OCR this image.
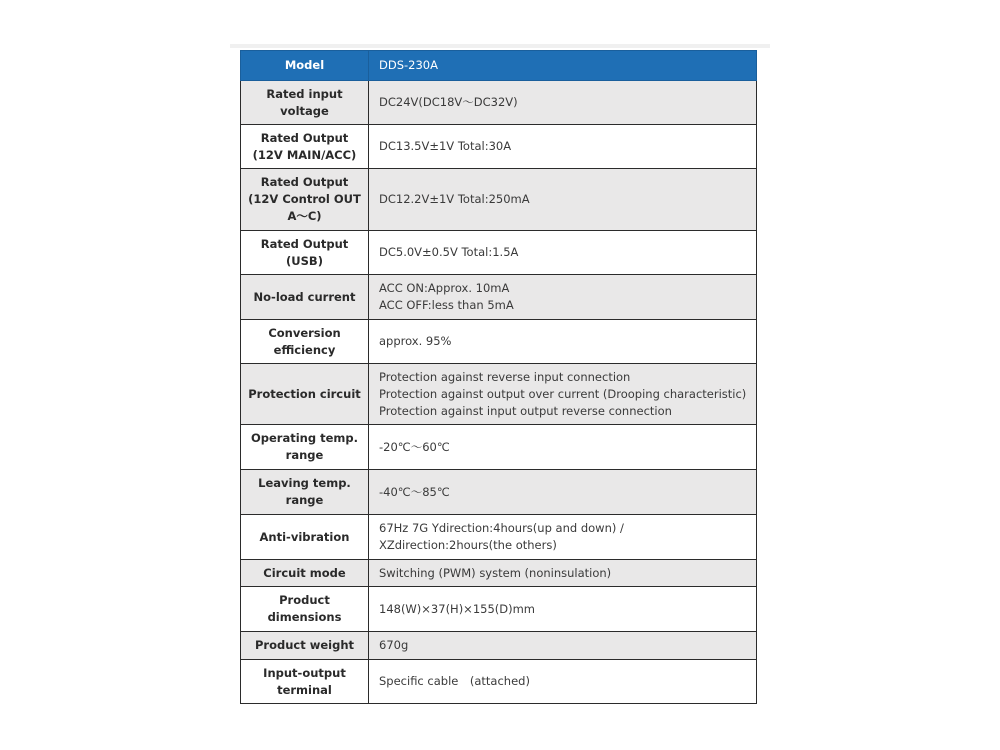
Model	DDS-230A

Rated input
voltage	DC24V(DC18V～DC32V)

Rated Output
(12V MAIN/ACC)	DC13.5V±1V Total:30A

Rated Output
(12V Control OUT
A～C)	DC12.2V±1V Total:250mA

Rated Output
(USB)	DC5.0V±0.5V Total:1.5A

No-load current	ACC ON:Approx. 10mA
ACC OFF:less than 5mA

Conversion
efficiency	approx. 95%

Protection circuit	Protection against reverse input connection
Protection against output over current (Drooping characteristic)
Protection against input output reverse connection

Operating temp.
range	-20℃～60℃

Leaving temp.
range	-40℃～85℃

Anti-vibration	67Hz 7G Ydirection:4hours(up and down) /
XZdirection:2hours(the others)

Circuit mode	Switching (PWM) system (noninsulation)

Product
dimensions	148(W)×37(H)×155(D)mm

Product weight	670g

Input-output
terminal	Specific cable　(attached)
